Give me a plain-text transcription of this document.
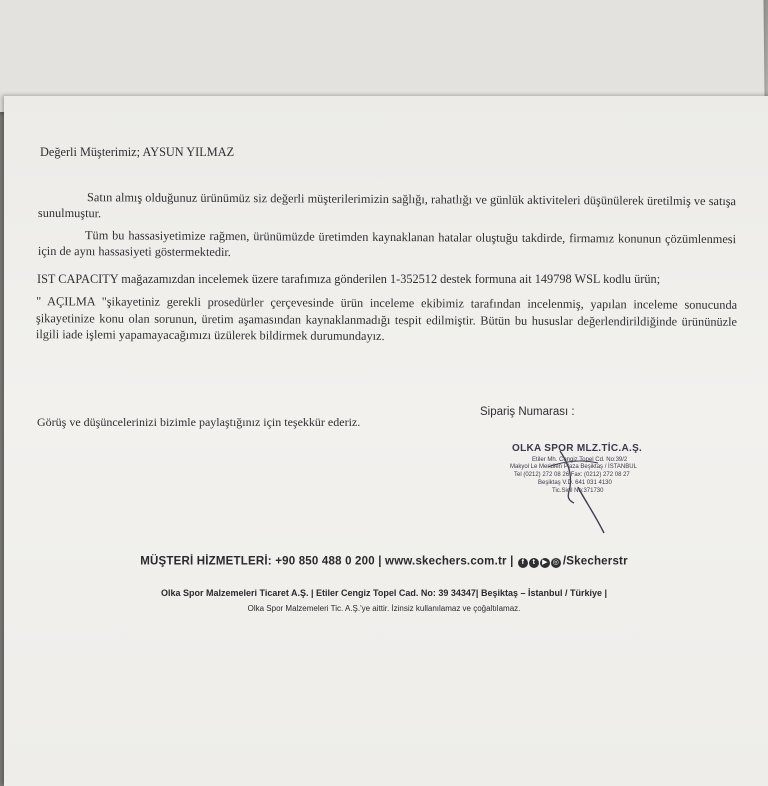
Değerli Müşterimiz; AYSUN YILMAZ
Satın almış olduğunuz ürünümüz siz değerli müşterilerimizin sağlığı, rahatlığı ve günlük aktiviteleri düşünülerek üretilmiş ve satışa sunulmuştur.
Tüm bu hassasiyetimize rağmen, ürünümüzde üretimden kaynaklanan hatalar oluştuğu takdirde, firmamız konunun çözümlenmesi için de aynı hassasiyeti göstermektedir.
IST CAPACITY mağazamızdan incelemek üzere tarafımıza gönderilen 1-352512 destek formuna ait 149798 WSL kodlu ürün;
" AÇILMA "şikayetiniz gerekli prosedürler çerçevesinde ürün inceleme ekibimiz tarafından incelenmiş, yapılan inceleme sonucunda şikayetinize konu olan sorunun, üretim aşamasından kaynaklanmadığı tespit edilmiştir. Bütün bu hususlar değerlendirildiğinde ürününüzle ilgili iade işlemi yapamayacağımızı üzülerek bildirmek durumundayız.
Görüş ve düşüncelerinizi bizimle paylaştığınız için teşekkür ederiz.
Sipariş Numarası :
OLKA SPOR MLZ.TİC.A.Ş.
Etiler Mh. Cengiz Topel Cd. No:39/2
Makyol Le Meridien Plaza Beşiktaş / İSTANBUL
Tel (0212) 272 08 26 Fax: (0212) 272 08 27
Beşiktaş V.D. 641 031 4130
Tic.Sicil No:371730
MÜŞTERİ HİZMETLERİ: +90 850 488 0 200 | www.skechers.com.tr | f t ▶ ◎ /Skecherstr
Olka Spor Malzemeleri Ticaret A.Ş. | Etiler Cengiz Topel Cad. No: 39 34347| Beşiktaş – İstanbul / Türkiye |
Olka Spor Malzemeleri Tic. A.Ş.'ye aittir. İzinsiz kullanılamaz ve çoğaltılamaz.
